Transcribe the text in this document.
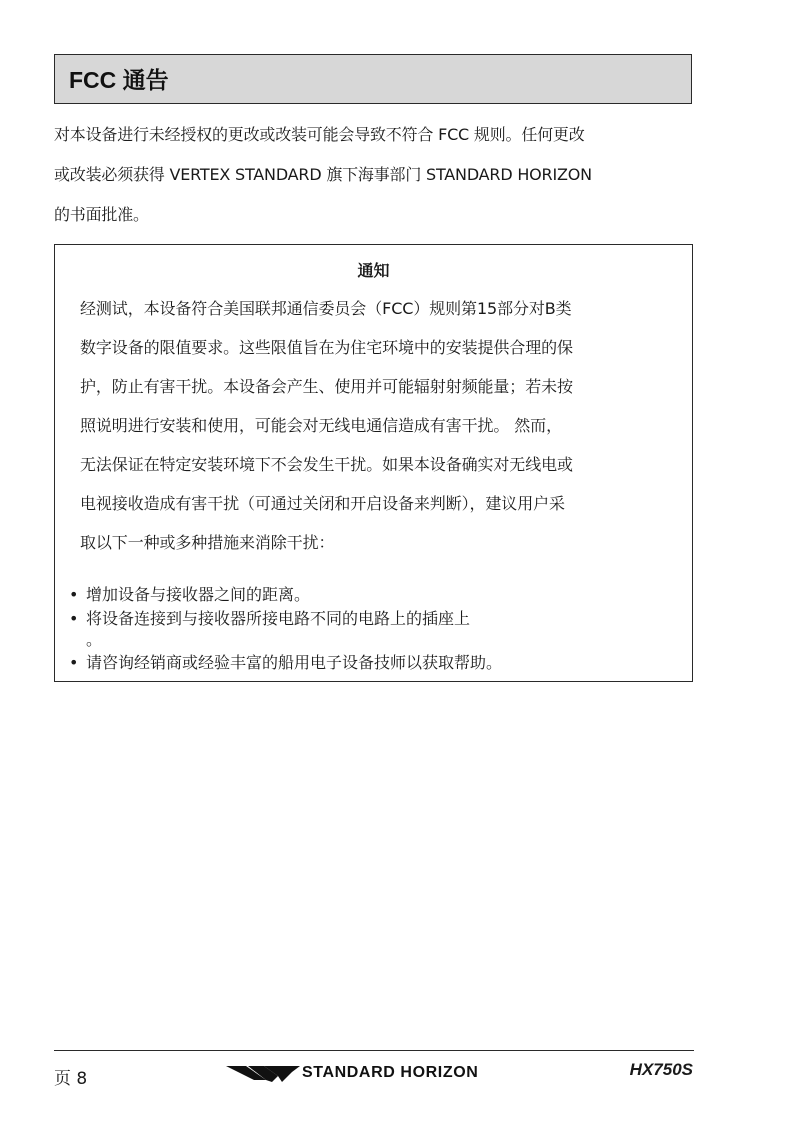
FCC 通告
对本设备进行未经授权的更改或改装可能会导致不符合 FCC 规则。任何更改
或改装必须获得 VERTEX STANDARD 旗下海事部门 STANDARD HORIZON
的书面批准。
通知
经测试，本设备符合美国联邦通信委员会（FCC）规则第15部分对B类
数字设备的限值要求。这些限值旨在为住宅环境中的安装提供合理的保
护，防止有害干扰。本设备会产生、使用并可能辐射射频能量；若未按
照说明进行安装和使用，可能会对无线电通信造成有害干扰。 然而，
无法保证在特定安装环境下不会发生干扰。如果本设备确实对无线电或
电视接收造成有害干扰（可通过关闭和开启设备来判断），建议用户采
取以下一种或多种措施来消除干扰：
• 增加设备与接收器之间的距离。
• 将设备连接到与接收器所接电路不同的电路上的插座上
。
• 请咨询经销商或经验丰富的船用电子设备技师以获取帮助。
页 8	STANDARD HORIZON	HX750S
